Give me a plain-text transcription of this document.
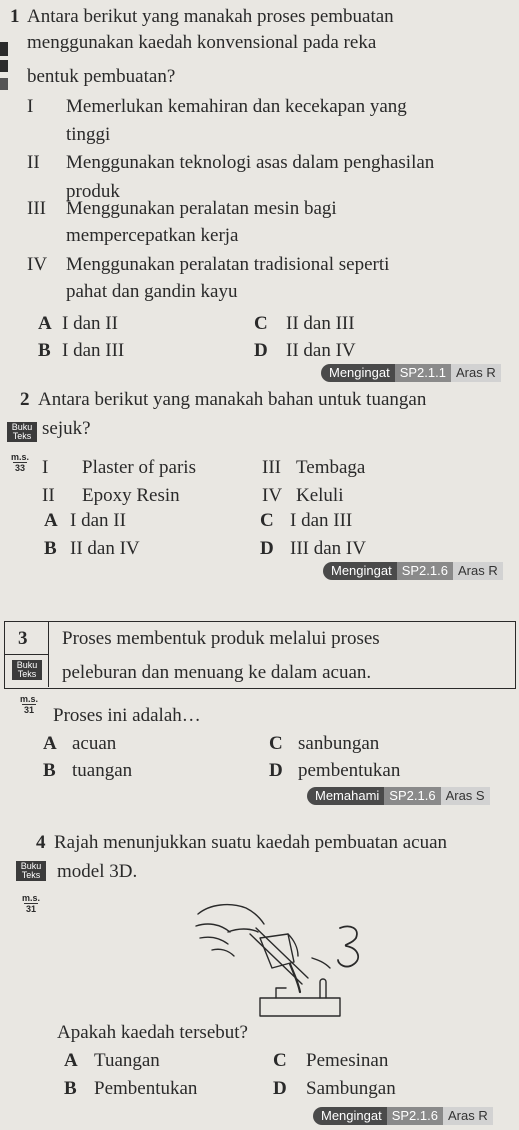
1 Antara berikut yang manakah proses pembuatan
menggunakan kaedah konvensional pada reka
bentuk pembuatan?
I Memerlukan kemahiran dan kecekapan yang
tinggi
II Menggunakan teknologi asas dalam penghasilan
produk
III Menggunakan peralatan mesin bagi
mempercepatkan kerja
IV Menggunakan peralatan tradisional seperti
pahat dan gandin kayu
A I dan II	C II dan III
B I dan III	D II dan IV
Mengingat SP2.1.1 Aras R
2 Antara berikut yang manakah bahan untuk tuangan
Buku
Teks sejuk?
m.s.
33 I Plaster of paris	III Tembaga
II Epoxy Resin	IV Keluli
A I dan II	C I dan III
B II dan IV	D III dan IV
Mengingat SP2.1.6 Aras R
3 Proses membentuk produk melalui proses
Buku
Teks peleburan dan menuang ke dalam acuan.
m.s.
31 Proses ini adalah…
A acuan	C sanbungan
B tuangan	D pembentukan
Memahami SP2.1.6 Aras S
4 Rajah menunjukkan suatu kaedah pembuatan acuan
Buku
Teks model 3D.
m.s.
31
Apakah kaedah tersebut?
A Tuangan	C Pemesinan
B Pembentukan	D Sambungan
Mengingat SP2.1.6 Aras R
